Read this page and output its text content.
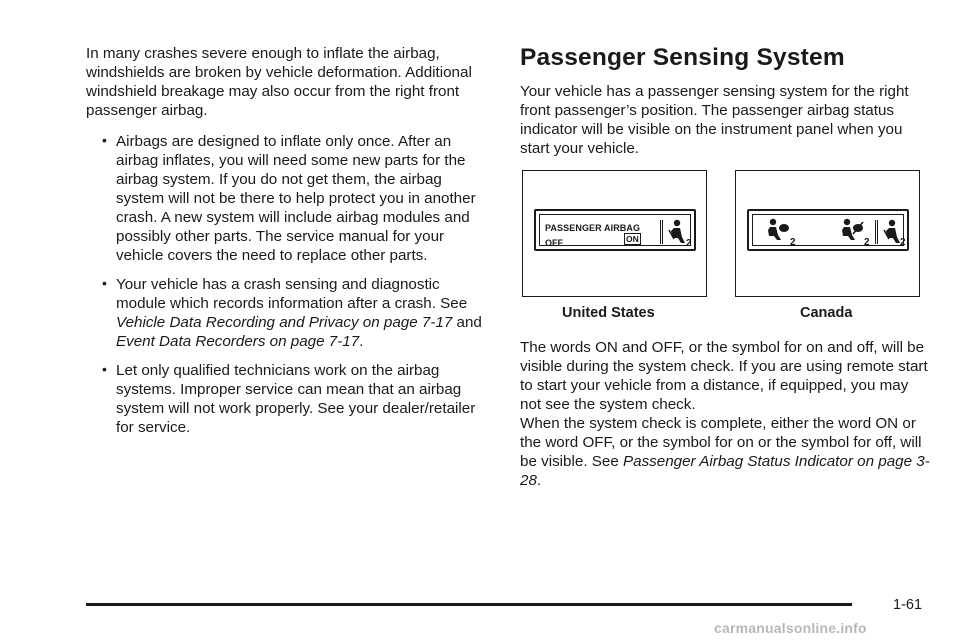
In many crashes severe enough to inflate the airbag, windshields are broken by vehicle deformation. Additional windshield breakage may also occur from the right front passenger airbag.

• Airbags are designed to inflate only once. After an airbag inflates, you will need some new parts for the airbag system. If you do not get them, the airbag system will not be there to help protect you in another crash. A new system will include airbag modules and possibly other parts. The service manual for your vehicle covers the need to replace other parts.
• Your vehicle has a crash sensing and diagnostic module which records information after a crash. See Vehicle Data Recording and Privacy on page 7-17 and Event Data Recorders on page 7-17.
• Let only qualified technicians work on the airbag systems. Improper service can mean that an airbag system will not work properly. See your dealer/retailer for service.
Passenger Sensing System

Your vehicle has a passenger sensing system for the right front passenger’s position. The passenger airbag status indicator will be visible on the instrument panel when you start your vehicle.

PASSENGER AIRBAG
OFF	ON	2	2	2	2
United States	Canada

The words ON and OFF, or the symbol for on and off, will be visible during the system check. If you are using remote start to start your vehicle from a distance, if equipped, you may not see the system check.

When the system check is complete, either the word ON or the word OFF, or the symbol for on or the symbol for off, will be visible. See Passenger Airbag Status Indicator on page 3-28.

1-61
carmanualsonline.info
